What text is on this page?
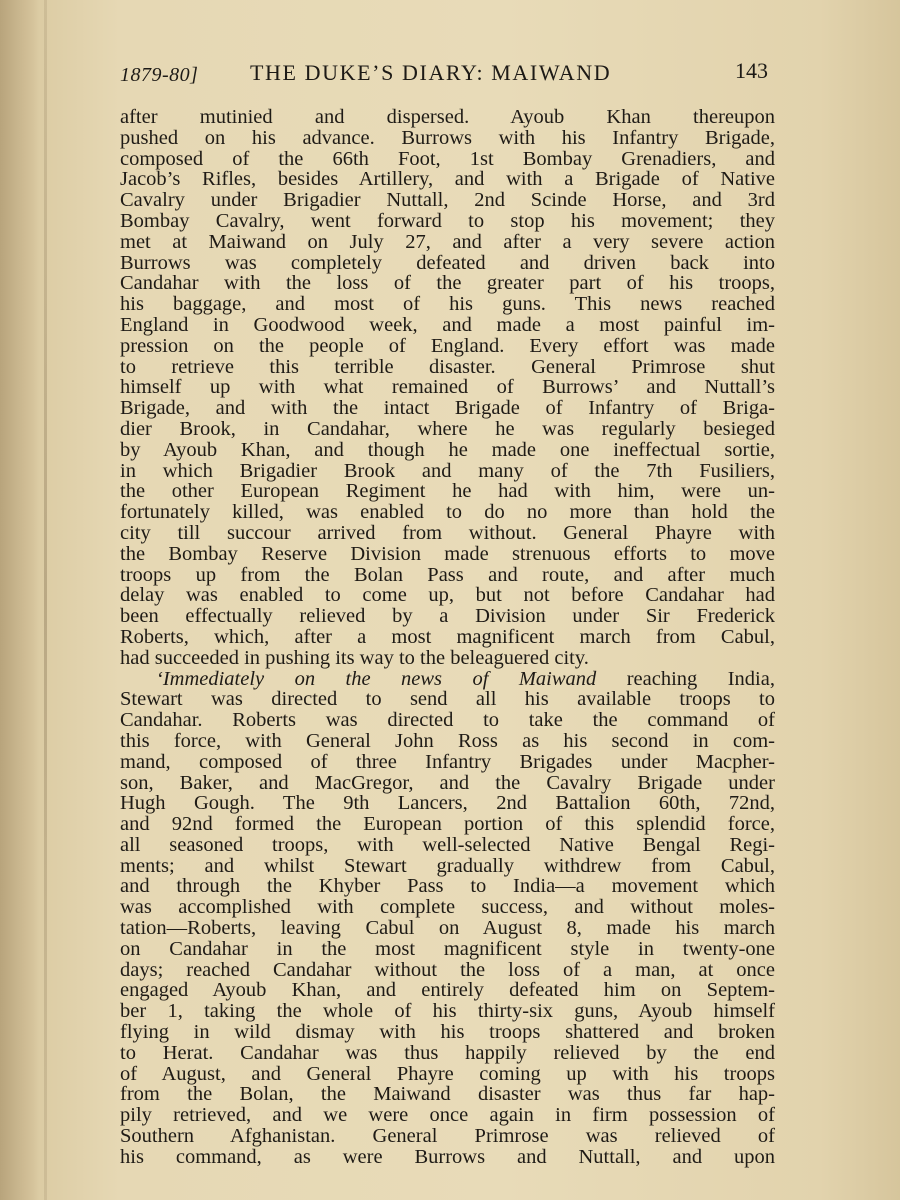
1879-80] THE DUKE’S DIARY: MAIWAND	143
after mutinied and dispersed. Ayoub Khan thereupon
pushed on his advance. Burrows with his Infantry Brigade,
composed of the 66th Foot, 1st Bombay Grenadiers, and
Jacob’s Rifles, besides Artillery, and with a Brigade of Native
Cavalry under Brigadier Nuttall, 2nd Scinde Horse, and 3rd
Bombay Cavalry, went forward to stop his movement; they
met at Maiwand on July 27, and after a very severe action
Burrows was completely defeated and driven back into
Candahar with the loss of the greater part of his troops,
his baggage, and most of his guns. This news reached
England in Goodwood week, and made a most painful im-
pression on the people of England. Every effort was made
to retrieve this terrible disaster. General Primrose shut
himself up with what remained of Burrows’ and Nuttall’s
Brigade, and with the intact Brigade of Infantry of Briga-
dier Brook, in Candahar, where he was regularly besieged
by Ayoub Khan, and though he made one ineffectual sortie,
in which Brigadier Brook and many of the 7th Fusiliers,
the other European Regiment he had with him, were un-
fortunately killed, was enabled to do no more than hold the
city till succour arrived from without. General Phayre with
the Bombay Reserve Division made strenuous efforts to move
troops up from the Bolan Pass and route, and after much
delay was enabled to come up, but not before Candahar had
been effectually relieved by a Division under Sir Frederick
Roberts, which, after a most magnificent march from Cabul,
had succeeded in pushing its way to the beleaguered city.
‘Immediately on the news of Maiwand reaching India,
Stewart was directed to send all his available troops to
Candahar. Roberts was directed to take the command of
this force, with General John Ross as his second in com-
mand, composed of three Infantry Brigades under Macpher-
son, Baker, and MacGregor, and the Cavalry Brigade under
Hugh Gough. The 9th Lancers, 2nd Battalion 60th, 72nd,
and 92nd formed the European portion of this splendid force,
all seasoned troops, with well-selected Native Bengal Regi-
ments; and whilst Stewart gradually withdrew from Cabul,
and through the Khyber Pass to India—a movement which
was accomplished with complete success, and without moles-
tation—Roberts, leaving Cabul on August 8, made his march
on Candahar in the most magnificent style in twenty-one
days; reached Candahar without the loss of a man, at once
engaged Ayoub Khan, and entirely defeated him on Septem-
ber 1, taking the whole of his thirty-six guns, Ayoub himself
flying in wild dismay with his troops shattered and broken
to Herat. Candahar was thus happily relieved by the end
of August, and General Phayre coming up with his troops
from the Bolan, the Maiwand disaster was thus far hap-
pily retrieved, and we were once again in firm possession of
Southern Afghanistan. General Primrose was relieved of
his command, as were Burrows and Nuttall, and upon
